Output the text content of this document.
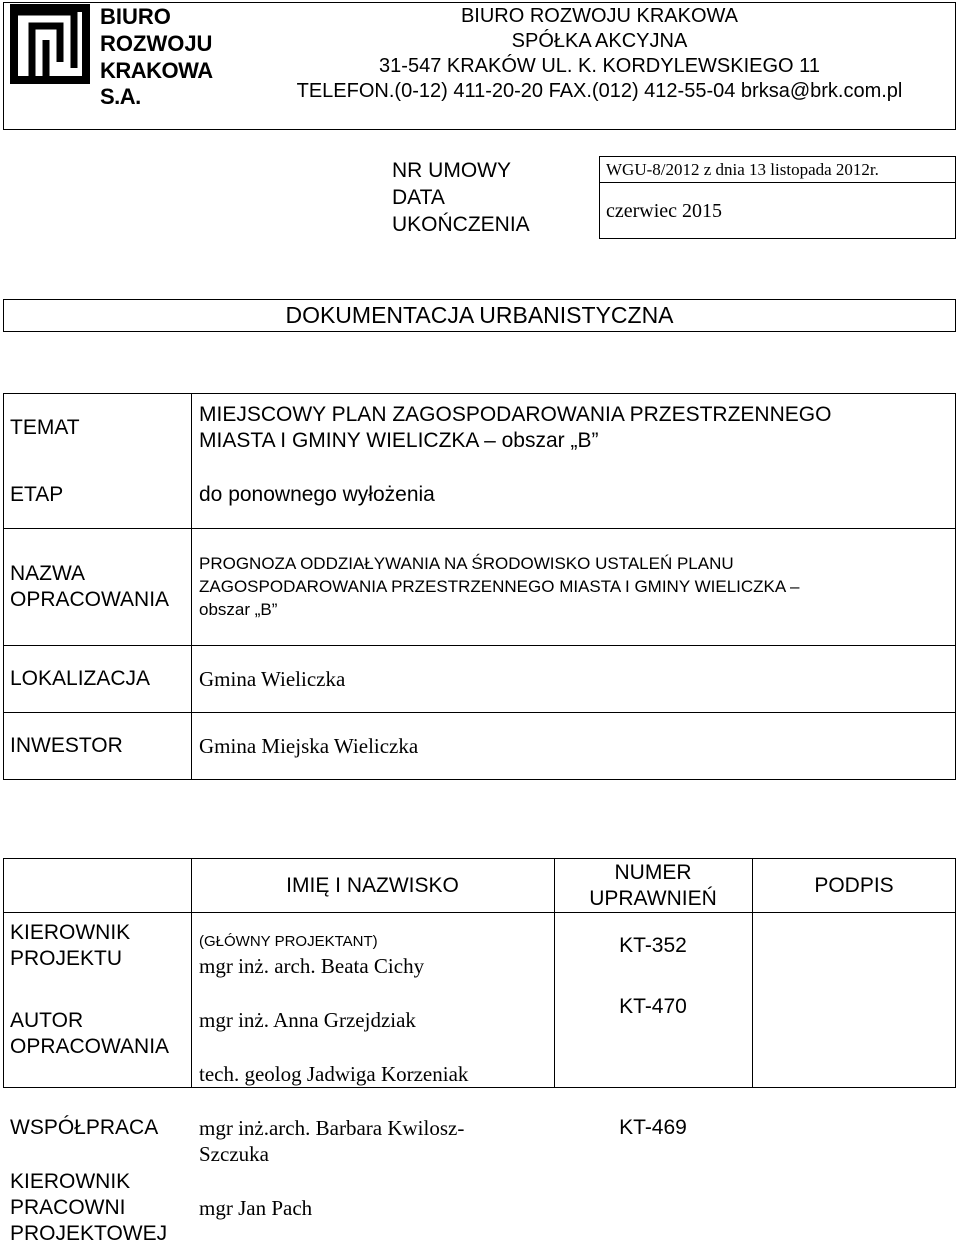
BIURO
ROZWOJU
KRAKOWA S.A.
BIURO ROZWOJU KRAKOWA
SPÓŁKA AKCYJNA
31-547 KRAKÓW UL. K. KORDYLEWSKIEGO 11
TELEFON.(0-12) 411-20-20 FAX.(012) 412-55-04 brksa@brk.com.pl
NR UMOWY
DATA
UKOŃCZENIA
WGU-8/2012 z dnia 13 listopada 2012r.
czerwiec 2015
DOKUMENTACJA URBANISTYCZNA
TEMAT
MIEJSCOWY PLAN ZAGOSPODAROWANIA PRZESTRZENNEGO
MIASTA I GMINY WIELICZKA – obszar „B”
ETAP	do ponownego wyłożenia
NAZWA
OPRACOWANIA
PROGNOZA ODDZIAŁYWANIA NA ŚRODOWISKO USTALEŃ PLANU
ZAGOSPODAROWANIA PRZESTRZENNEGO MIASTA I GMINY WIELICZKA –
obszar „B”
LOKALIZACJA Gmina Wieliczka
INWESTOR	Gmina Miejska Wieliczka
IMIĘ I NAZWISKO
NUMER
UPRAWNIEŃ
PODPIS
KIEROWNIK
PROJEKTU
(GŁÓWNY PROJEKTANT)
mgr inż. arch. Beata Cichy
KT-352
AUTOR
OPRACOWANIA
mgr inż. Anna Grzejdziak
KT-470
tech. geolog Jadwiga Korzeniak
WSPÓŁPRACA mgr inż.arch. Barbara Kwilosz-
Szczuka
KT-469
KIEROWNIK
PRACOWNI
PROJEKTOWEJ
mgr Jan Pach
